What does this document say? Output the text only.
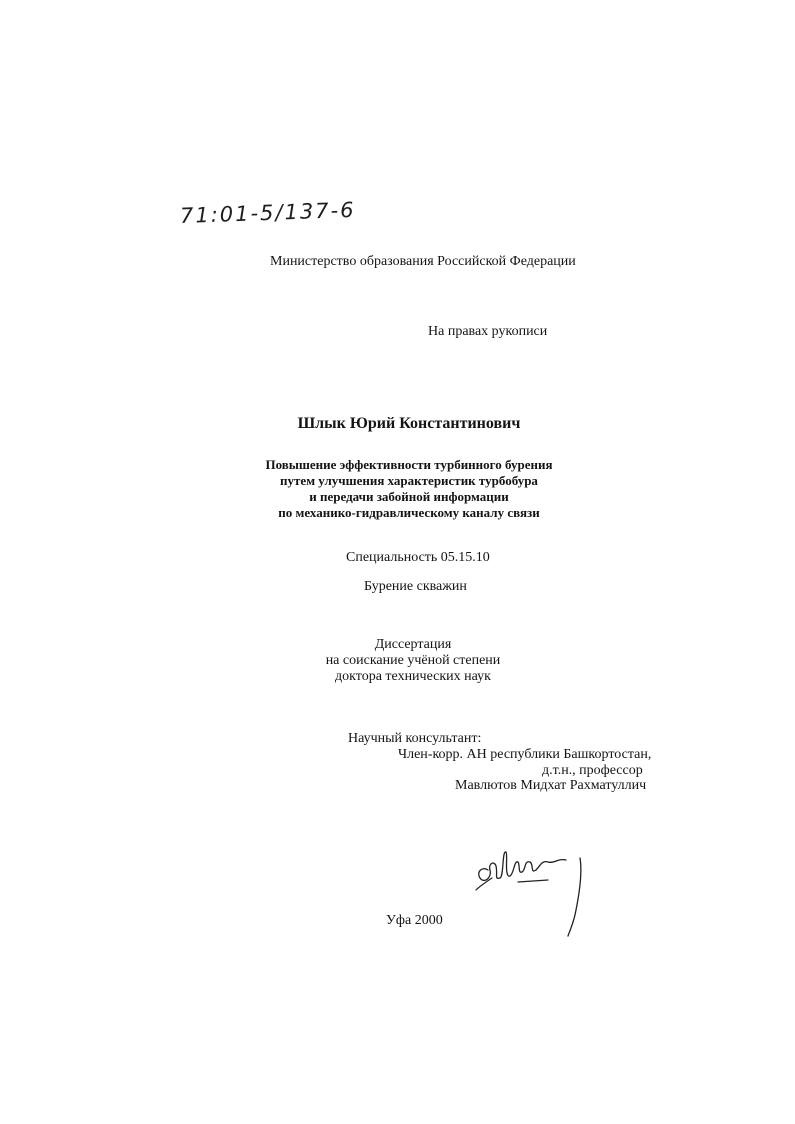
71:01-5/137-6
Министерство образования Российской Федерации
На правах рукописи
Шлык Юрий Константинович
Повышение эффективности турбинного бурения
путем улучшения характеристик турбобура
и передачи забойной информации
по механико-гидравлическому каналу связи
Специальность 05.15.10
Бурение скважин
Диссертация
на соискание учёной степени
доктора технических наук
Научный консультант:
Член-корр. АН республики Башкортостан,
д.т.н., профессор
Мавлютов Мидхат Рахматуллич
Уфа 2000
